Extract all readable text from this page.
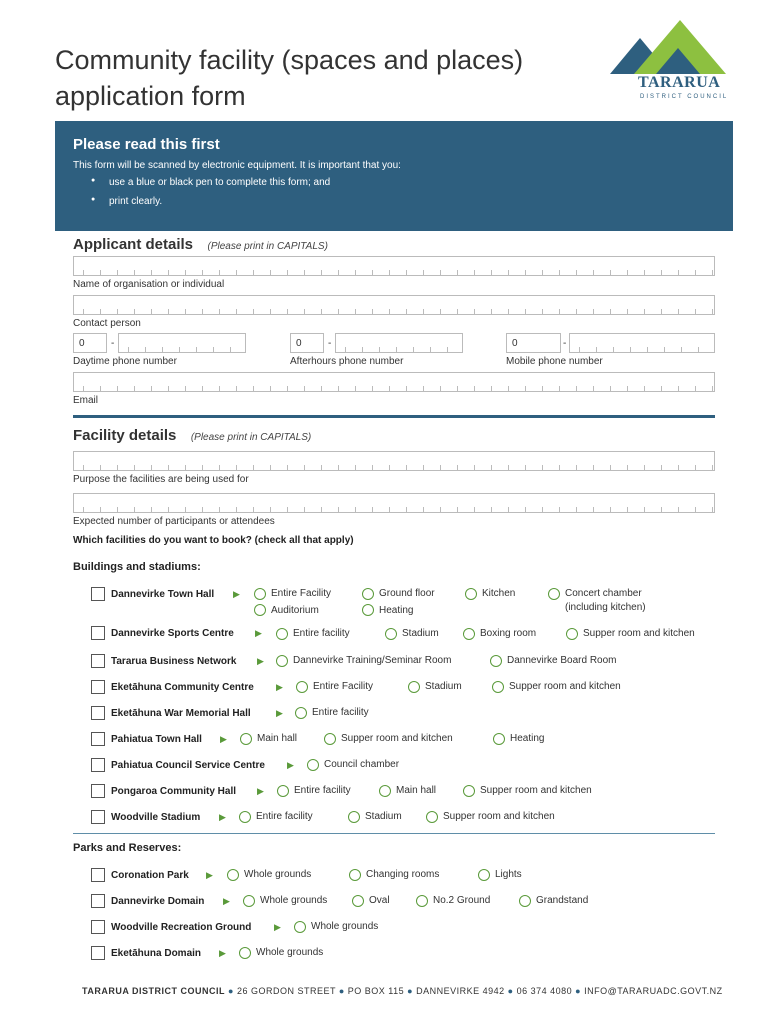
Community facility (spaces and places)
application form	TARARUA
DISTRICT COUNCIL
Please read this first

This form will be scanned by electronic equipment. It is important that you:

● use a blue or black pen to complete this form; and
● print clearly.
Applicant details (Please print in CAPITALS)
Name of organisation or individual
Contact person
0	-
Daytime phone number
0	-
Afterhours phone number
0	-
Mobile phone number
Email
Facility details (Please print in CAPITALS)
Purpose the facilities are being used for
Expected number of participants or attendees
Which facilities do you want to book? (check all that apply)
Buildings and stadiums:
Dannevirke Town Hall ▶	Entire Facility	Ground floor	Kitchen	Concert chamber
(including kitchen)
Auditorium	Heating
Dannevirke Sports Centre ▶	Entire facility	Stadium	Boxing room	Supper room and kitchen
Tararua Business Network ▶	Dannevirke Training/Seminar Room	Dannevirke Board Room
Eketāhuna Community Centre ▶	Entire Facility	Stadium	Supper room and kitchen
Eketāhuna War Memorial Hall	▶	Entire facility
Pahiatua Town Hall ▶	Main hall	Supper room and kitchen	Heating
Pahiatua Council Service Centre ▶	Council chamber
Pongaroa Community Hall ▶	Entire facility	Main hall	Supper room and kitchen
Woodville Stadium ▶	Entire facility	Stadium	Supper room and kitchen
Parks and Reserves:
Coronation Park ▶	Whole grounds	Changing rooms	Lights
Dannevirke Domain ▶	Whole grounds	Oval	No.2 Ground	Grandstand
Woodville Recreation Ground	▶	Whole grounds
Eketāhuna Domain ▶	Whole grounds
TARARUA DISTRICT COUNCIL ● 26 GORDON STREET ● PO BOX 115 ● DANNEVIRKE 4942 ● 06 374 4080 ● INFO@TARARUADC.GOVT.NZ
